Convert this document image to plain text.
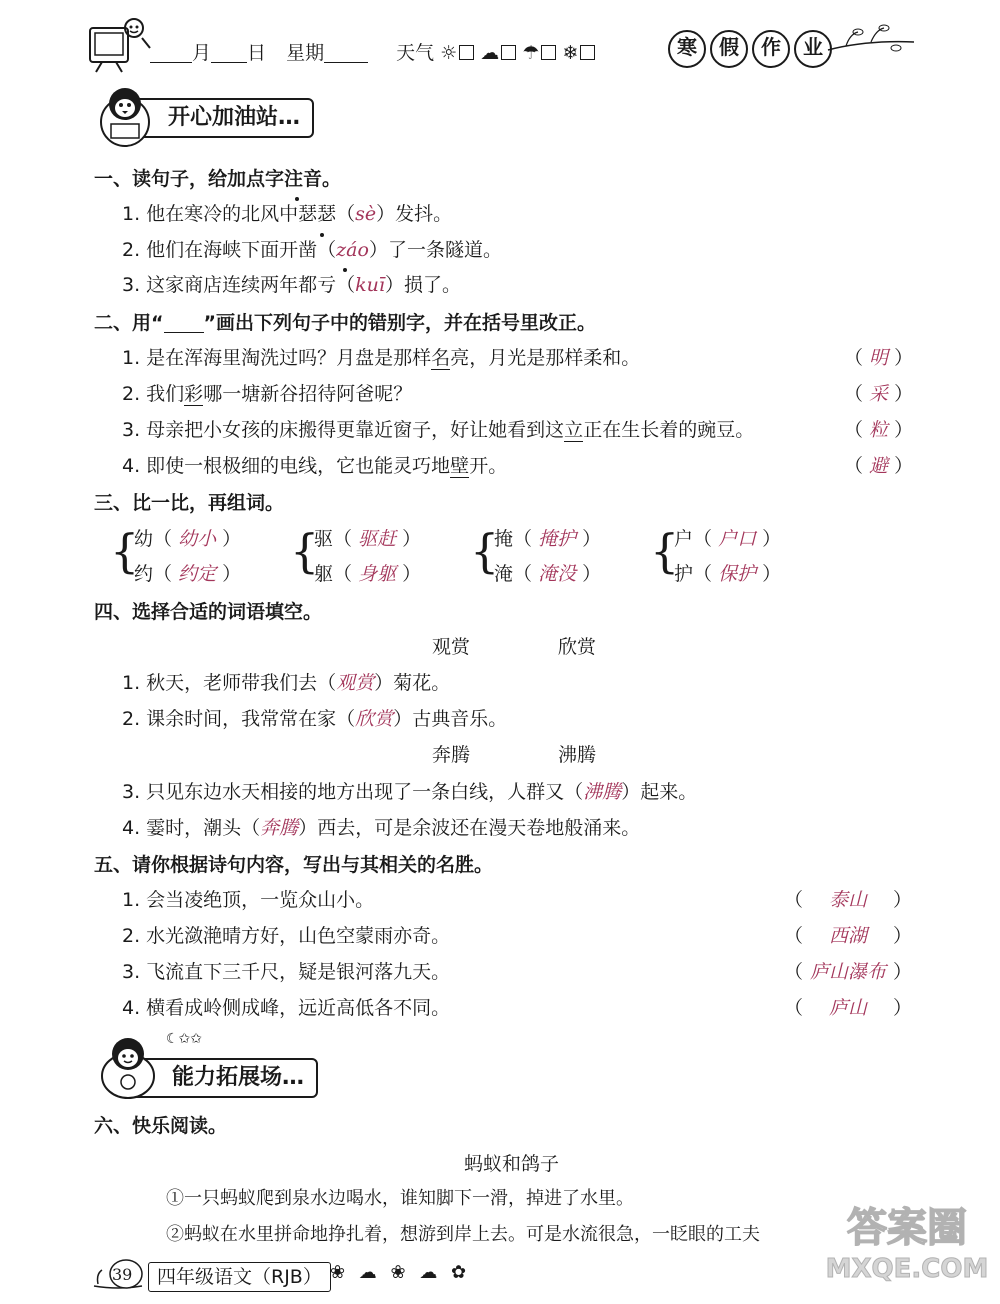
月 日 星期	天气 ☼ ☁ ☂ ❄	寒 假 作 业
开心加油站…
一、读句子，给加点字注音。
1. 他在寒冷的北风中瑟瑟（sè）发抖。
2. 他们在海峡下面开凿（záo）了一条隧道。
3. 这家商店连续两年都亏（kuī）损了。
二、用“ ”画出下列句子中的错别字，并在括号里改正。
1. 是在浑海里淘洗过吗？月盘是那样名亮，月光是那样柔和。	（ 明 ）
2. 我们彩哪一塘新谷招待阿爸呢？	（ 采 ）
3. 母亲把小女孩的床搬得更靠近窗子，好让她看到这立正在生长着的豌豆。	（ 粒 ）
4. 即使一根极细的电线，它也能灵巧地壁开。	（ 避 ）
三、比一比，再组词。
{
幼（ 幼小 ）
约（ 约定 ） {
驱（ 驱赶 ）
躯（ 身躯 ） {
掩（ 掩护 ）
淹（ 淹没 ） {
户（ 户口 ）
护（ 保护 ）
四、选择合适的词语填空。
观赏	欣赏
1. 秋天，老师带我们去（观赏）菊花。
2. 课余时间，我常常在家（欣赏）古典音乐。
奔腾	沸腾
3. 只见东边水天相接的地方出现了一条白线，人群又（沸腾）起来。
4. 霎时，潮头（奔腾）西去，可是余波还在漫天卷地般涌来。
五、请你根据诗句内容，写出与其相关的名胜。
1. 会当凌绝顶，一览众山小。	（ 泰山 ）
2. 水光潋滟晴方好，山色空蒙雨亦奇。	（ 西湖 ）
3. 飞流直下三千尺，疑是银河落九天。	（ 庐山瀑布 ）
4. 横看成岭侧成峰，远近高低各不同。	（ 庐山 ）
☾✩✩
能力拓展场…
六、快乐阅读。
蚂蚁和鸽子
①一只蚂蚁爬到泉水边喝水，谁知脚下一滑，掉进了水里。
②蚂蚁在水里拼命地挣扎着，想游到岸上去。可是水流很急，一眨眼的工夫
39	四年级语文（RJB） ❀ ☁ ❀ ☁ ✿
答案圈
MXQE.COM
